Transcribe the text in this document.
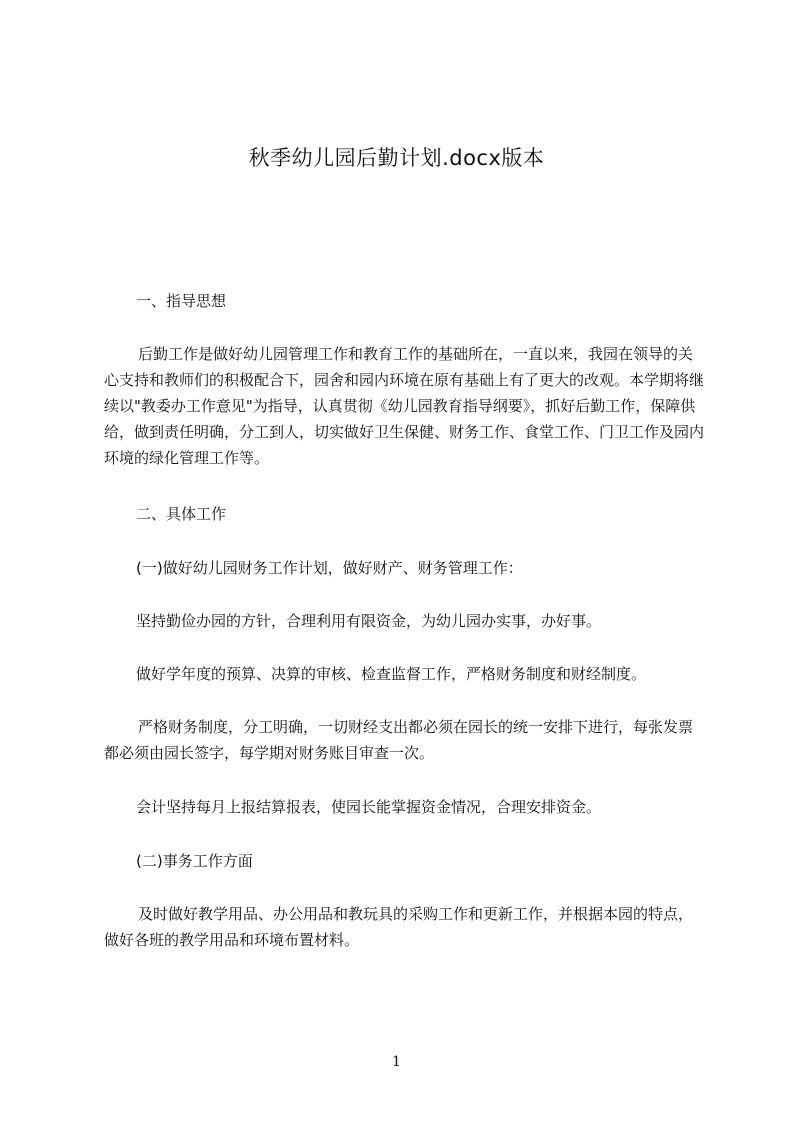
秋季幼儿园后勤计划.docx版本
一、指导思想
后勤工作是做好幼儿园管理工作和教育工作的基础所在，一直以来，我园在领导的关心支持和教师们的积极配合下，园舍和园内环境在原有基础上有了更大的改观。本学期将继续以"教委办工作意见"为指导，认真贯彻《幼儿园教育指导纲要》，抓好后勤工作，保障供给，做到责任明确，分工到人，切实做好卫生保健、财务工作、食堂工作、门卫工作及园内环境的绿化管理工作等。
二、具体工作
(一)做好幼儿园财务工作计划，做好财产、财务管理工作：
坚持勤俭办园的方针，合理利用有限资金，为幼儿园办实事，办好事。
做好学年度的预算、决算的审核、检查监督工作，严格财务制度和财经制度。
严格财务制度，分工明确，一切财经支出都必须在园长的统一安排下进行，每张发票都必须由园长签字，每学期对财务账目审查一次。
会计坚持每月上报结算报表，使园长能掌握资金情况，合理安排资金。
(二)事务工作方面
及时做好教学用品、办公用品和教玩具的采购工作和更新工作，并根据本园的特点，做好各班的教学用品和环境布置材料。
1
